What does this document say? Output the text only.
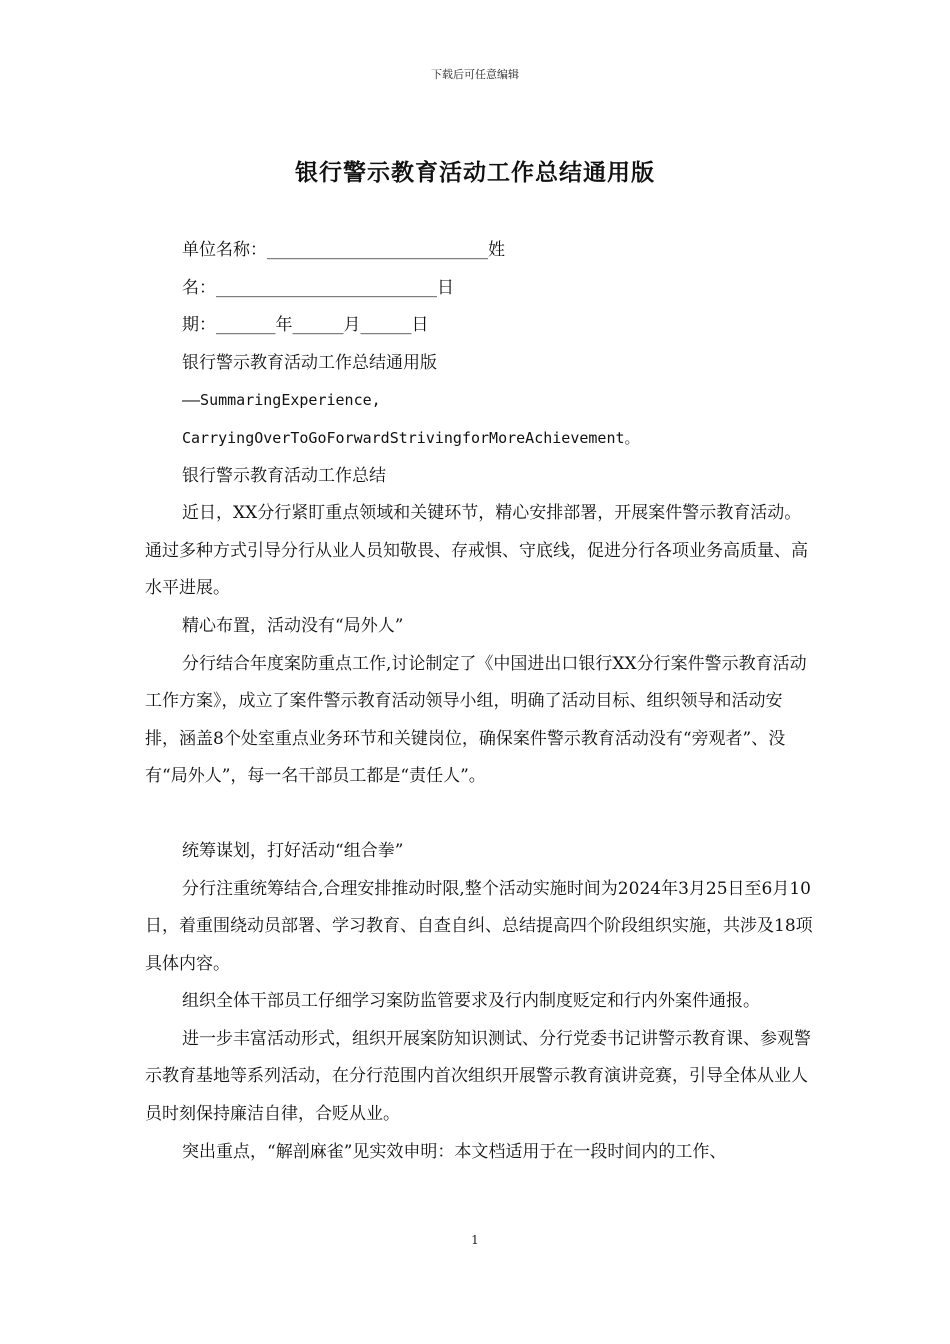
下载后可任意编辑
银行警示教育活动工作总结通用版

单位名称：__________________________姓

名：__________________________日

期：_______年______月______日

银行警示教育活动工作总结通用版

——SummaringExperience,

CarryingOverToGoForwardStrivingforMoreAchievement。

银行警示教育活动工作总结

近日，XX分行紧盯重点领域和关键环节，精心安排部署，开展案件警示教育活动。通过多种方式引导分行从业人员知敬畏、存戒惧、守底线，促进分行各项业务高质量、高水平进展。

精心布置，活动没有“局外人”

分行结合年度案防重点工作,讨论制定了《中国进出口银行XX分行案件警示教育活动工作方案》，成立了案件警示教育活动领导小组，明确了活动目标、组织领导和活动安排，涵盖8个处室重点业务环节和关键岗位，确保案件警示教育活动没有“旁观者”、没有“局外人”，每一名干部员工都是“责任人”。

统筹谋划，打好活动“组合拳”

分行注重统筹结合,合理安排推动时限,整个活动实施时间为2024年3月25日至6月10日，着重围绕动员部署、学习教育、自查自纠、总结提高四个阶段组织实施，共涉及18项具体内容。

组织全体干部员工仔细学习案防监管要求及行内制度贬定和行内外案件通报。

进一步丰富活动形式，组织开展案防知识测试、分行党委书记讲警示教育课、参观警示教育基地等系列活动，在分行范围内首次组织开展警示教育演讲竞赛，引导全体从业人员时刻保持廉洁自律，合贬从业。

突出重点，“解剖麻雀”见实效申明：本文档适用于在一段时间内的工作、

1
